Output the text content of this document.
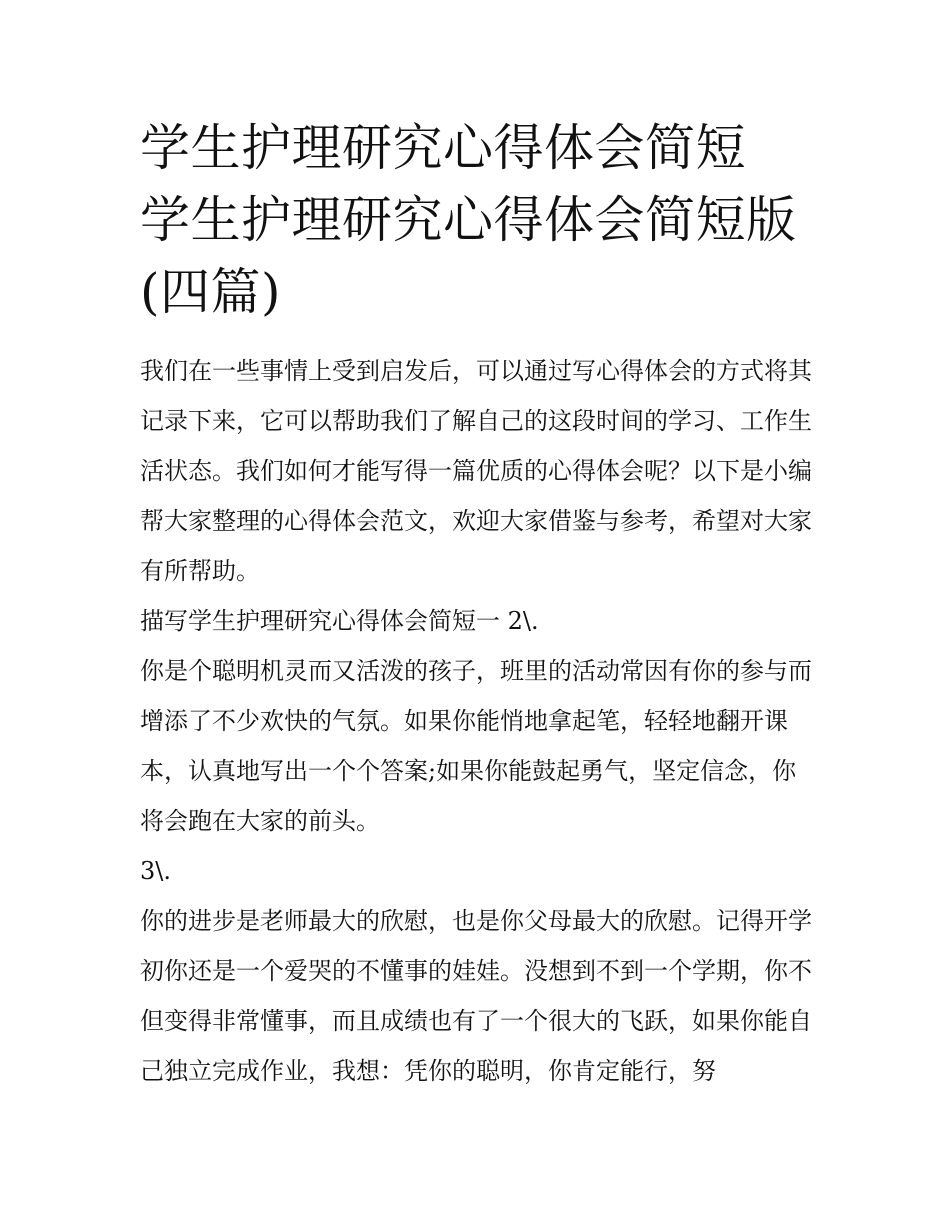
学生护理研究心得体会简短 学生护理研究心得体会简短版(四篇)

我们在一些事情上受到启发后，可以通过写心得体会的方式将其记录下来，它可以帮助我们了解自己的这段时间的学习、工作生活状态。我们如何才能写得一篇优质的心得体会呢？以下是小编帮大家整理的心得体会范文，欢迎大家借鉴与参考，希望对大家有所帮助。

描写学生护理研究心得体会简短一 2\.

你是个聪明机灵而又活泼的孩子，班里的活动常因有你的参与而增添了不少欢快的气氛。如果你能悄地拿起笔，轻轻地翻开课本，认真地写出一个个答案;如果你能鼓起勇气，坚定信念，你将会跑在大家的前头。

3\.

你的进步是老师最大的欣慰，也是你父母最大的欣慰。记得开学初你还是一个爱哭的不懂事的娃娃。没想到不到一个学期，你不但变得非常懂事，而且成绩也有了一个很大的飞跃，如果你能自己独立完成作业，我想：凭你的聪明，你肯定能行，努
